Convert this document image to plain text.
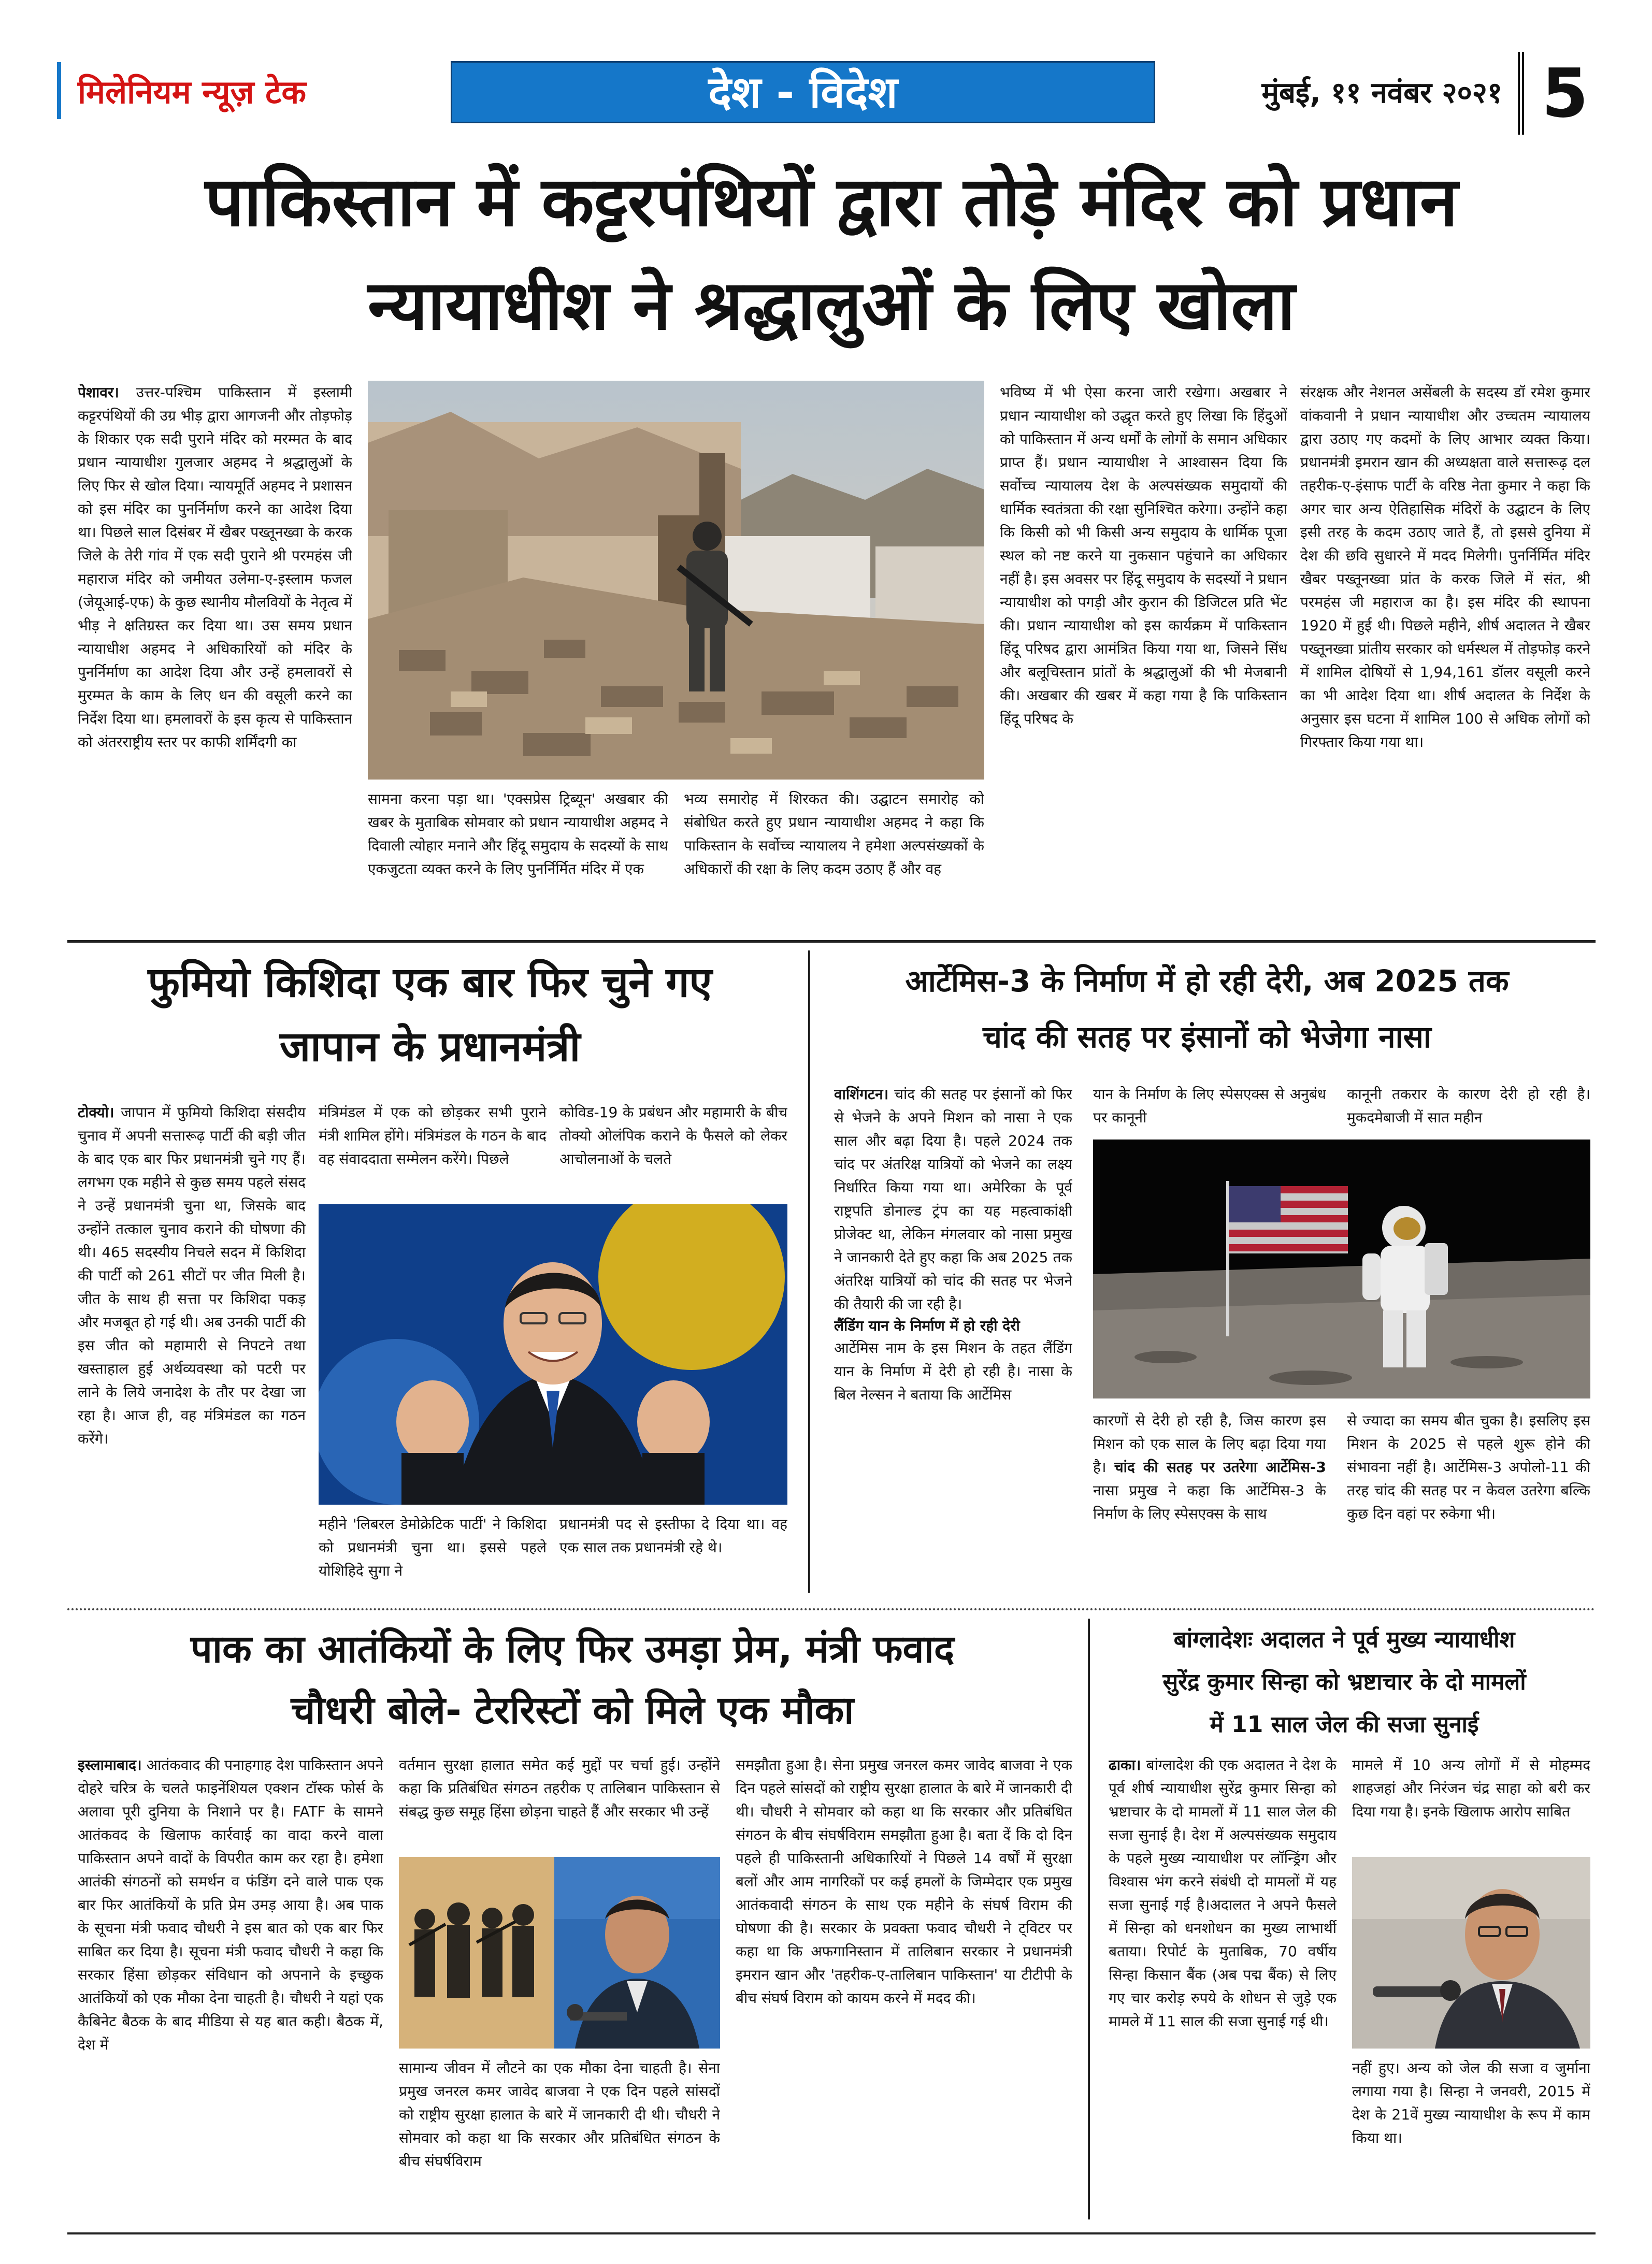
मिलेनियम न्यूज़ टेक	देश - विदेश	मुंबई, ११ नवंबर २०२१ 5
पाकिस्तान में कट्टरपंथियों द्वारा तोड़े मंदिर को प्रधान
न्यायाधीश ने श्रद्धालुओं के लिए खोला
पेशावर। उत्तर-पश्चिम पाकिस्तान में इस्लामी कट्टरपंथियों की उग्र भीड़ द्वारा आगजनी और तोड़फोड़ के शिकार एक सदी पुराने मंदिर को मरम्मत के बाद प्रधान न्यायाधीश गुलजार अहमद ने श्रद्धालुओं के लिए फिर से खोल दिया। न्यायमूर्ति अहमद ने प्रशासन को इस मंदिर का पुनर्निर्माण करने का आदेश दिया था। पिछले साल दिसंबर में खैबर पख्तूनख्वा के करक जिले के तेरी गांव में एक सदी पुराने श्री परमहंस जी महाराज मंदिर को जमीयत उलेमा-ए-इस्लाम फजल (जेयूआई-एफ) के कुछ स्थानीय मौलवियों के नेतृत्व में भीड़ ने क्षतिग्रस्त कर दिया था। उस समय प्रधान न्यायाधीश अहमद ने अधिकारियों को मंदिर के पुनर्निर्माण का आदेश दिया और उन्हें हमलावरों से मुरम्मत के काम के लिए धन की वसूली करने का निर्देश दिया था। हमलावरों के इस कृत्य से पाकिस्तान को अंतरराष्ट्रीय स्तर पर काफी शर्मिंदगी का
सामना करना पड़ा था। 'एक्सप्रेस ट्रिब्यून' अखबार की खबर के मुताबिक सोमवार को प्रधान न्यायाधीश अहमद ने दिवाली त्योहार मनाने और हिंदू समुदाय के सदस्यों के साथ एकजुटता व्यक्त करने के लिए पुनर्निर्मित मंदिर में एक
भव्य समारोह में शिरकत की। उद्घाटन समारोह को संबोधित करते हुए प्रधान न्यायाधीश अहमद ने कहा कि पाकिस्तान के सर्वोच्च न्यायालय ने हमेशा अल्पसंख्यकों के अधिकारों की रक्षा के लिए कदम उठाए हैं और वह
भविष्य में भी ऐसा करना जारी रखेगा। अखबार ने प्रधान न्यायाधीश को उद्धृत करते हुए लिखा कि हिंदुओं को पाकिस्तान में अन्य धर्मों के लोगों के समान अधिकार प्राप्त हैं। प्रधान न्यायाधीश ने आश्वासन दिया कि सर्वोच्च न्यायालय देश के अल्पसंख्यक समुदायों की धार्मिक स्वतंत्रता की रक्षा सुनिश्चित करेगा। उन्होंने कहा कि किसी को भी किसी अन्य समुदाय के धार्मिक पूजा स्थल को नष्ट करने या नुकसान पहुंचाने का अधिकार नहीं है। इस अवसर पर हिंदू समुदाय के सदस्यों ने प्रधान न्यायाधीश को पगड़ी और कुरान की डिजिटल प्रति भेंट की। प्रधान न्यायाधीश को इस कार्यक्रम में पाकिस्तान हिंदू परिषद द्वारा आमंत्रित किया गया था, जिसने सिंध और बलूचिस्तान प्रांतों के श्रद्धालुओं की भी मेजबानी की। अखबार की खबर में कहा गया है कि पाकिस्तान हिंदू परिषद के
संरक्षक और नेशनल असेंबली के सदस्य डॉ रमेश कुमार वांकवानी ने प्रधान न्यायाधीश और उच्चतम न्यायालय द्वारा उठाए गए कदमों के लिए आभार व्यक्त किया। प्रधानमंत्री इमरान खान की अध्यक्षता वाले सत्तारूढ़ दल तहरीक-ए-इंसाफ पार्टी के वरिष्ठ नेता कुमार ने कहा कि अगर चार अन्य ऐतिहासिक मंदिरों के उद्घाटन के लिए इसी तरह के कदम उठाए जाते हैं, तो इससे दुनिया में देश की छवि सुधारने में मदद मिलेगी। पुनर्निर्मित मंदिर खैबर पख्तूनख्वा प्रांत के करक जिले में संत, श्री परमहंस जी महाराज का है। इस मंदिर की स्थापना 1920 में हुई थी। पिछले महीने, शीर्ष अदालत ने खैबर पख्तूनख्वा प्रांतीय सरकार को धर्मस्थल में तोड़फोड़ करने में शामिल दोषियों से 1,94,161 डॉलर वसूली करने का भी आदेश दिया था। शीर्ष अदालत के निर्देश के अनुसार इस घटना में शामिल 100 से अधिक लोगों को गिरफ्तार किया गया था।
फुमियो किशिदा एक बार फिर चुने गए
जापान के प्रधानमंत्री
टोक्यो। जापान में फुमियो किशिदा संसदीय चुनाव में अपनी सत्तारूढ़ पार्टी की बड़ी जीत के बाद एक बार फिर प्रधानमंत्री चुने गए हैं। लगभग एक महीने से कुछ समय पहले संसद ने उन्हें प्रधानमंत्री चुना था, जिसके बाद उन्होंने तत्काल चुनाव कराने की घोषणा की थी। 465 सदस्यीय निचले सदन में किशिदा की पार्टी को 261 सीटों पर जीत मिली है। जीत के साथ ही सत्ता पर किशिदा पकड़ और मजबूत हो गई थी। अब उनकी पार्टी की इस जीत को महामारी से निपटने तथा खस्ताहाल हुई अर्थव्यवस्था को पटरी पर लाने के लिये जनादेश के तौर पर देखा जा रहा है। आज ही, वह मंत्रिमंडल का गठन करेंगे।
मंत्रिमंडल में एक को छोड़कर सभी पुराने मंत्री शामिल होंगे। मंत्रिमंडल के गठन के बाद वह संवाददाता सम्मेलन करेंगे। पिछले
कोविड-19 के प्रबंधन और महामारी के बीच तोक्यो ओलंपिक कराने के फैसले को लेकर आचोलनाओं के चलते
महीने 'लिबरल डेमोक्रेटिक पार्टी' ने किशिदा को प्रधानमंत्री चुना था। इससे पहले योशिहिदे सुगा ने
प्रधानमंत्री पद से इस्तीफा दे दिया था। वह एक साल तक प्रधानमंत्री रहे थे।
आर्टेमिस-3 के निर्माण में हो रही देरी, अब 2025 तक
चांद की सतह पर इंसानों को भेजेगा नासा
वाशिंगटन। चांद की सतह पर इंसानों को फिर से भेजने के अपने मिशन को नासा ने एक साल और बढ़ा दिया है। पहले 2024 तक चांद पर अंतरिक्ष यात्रियों को भेजने का लक्ष्य निर्धारित किया गया था। अमेरिका के पूर्व राष्ट्रपति डोनाल्ड ट्रंप का यह महत्वाकांक्षी प्रोजेक्ट था, लेकिन मंगलवार को नासा प्रमुख ने जानकारी देते हुए कहा कि अब 2025 तक अंतरिक्ष यात्रियों को चांद की सतह पर भेजने की तैयारी की जा रही है।

लैंडिंग यान के निर्माण में हो रही देरी

आर्टेमिस नाम के इस मिशन के तहत लैंडिंग यान के निर्माण में देरी हो रही है। नासा के बिल नेल्सन ने बताया कि आर्टेमिस
यान के निर्माण के लिए स्पेसएक्स से अनुबंध पर कानूनी
कानूनी तकरार के कारण देरी हो रही है। मुकदमेबाजी में सात महीन
कारणों से देरी हो रही है, जिस कारण इस मिशन को एक साल के लिए बढ़ा दिया गया है। चांद की सतह पर उतरेगा आर्टेमिस-3 नासा प्रमुख ने कहा कि आर्टेमिस-3 के निर्माण के लिए स्पेसएक्स के साथ
से ज्यादा का समय बीत चुका है। इसलिए इस मिशन के 2025 से पहले शुरू होने की संभावना नहीं है। आर्टेमिस-3 अपोलो-11 की तरह चांद की सतह पर न केवल उतरेगा बल्कि कुछ दिन वहां पर रुकेगा भी।
पाक का आतंकियों के लिए फिर उमड़ा प्रेम, मंत्री फवाद
चौधरी बोले- टेररिस्टों को मिले एक मौका
इस्लामाबाद। आतंकवाद की पनाहगाह देश पाकिस्तान अपने दोहरे चरित्र के चलते फाइनेंशियल एक्शन टॉस्क फोर्स के अलावा पूरी दुनिया के निशाने पर है। FATF के सामने आतंकवद के खिलाफ कार्रवाई का वादा करने वाला पाकिस्तान अपने वादों के विपरीत काम कर रहा है। हमेशा आतंकी संगठनों को समर्थन व फंडिंग दने वाले पाक एक बार फिर आतंकियों के प्रति प्रेम उमड़ आया है। अब पाक के सूचना मंत्री फवाद चौधरी ने इस बात को एक बार फिर साबित कर दिया है। सूचना मंत्री फवाद चौधरी ने कहा कि सरकार हिंसा छोड़कर संविधान को अपनाने के इच्छुक आतंकियों को एक मौका देना चाहती है। चौधरी ने यहां एक कैबिनेट बैठक के बाद मीडिया से यह बात कही। बैठक में, देश में
वर्तमान सुरक्षा हालात समेत कई मुद्दों पर चर्चा हुई। उन्होंने कहा कि प्रतिबंधित संगठन तहरीक ए तालिबान पाकिस्तान से संबद्ध कुछ समूह हिंसा छोड़ना चाहते हैं और सरकार भी उन्हें
सामान्य जीवन में लौटने का एक मौका देना चाहती है। सेना प्रमुख जनरल कमर जावेद बाजवा ने एक दिन पहले सांसदों को राष्ट्रीय सुरक्षा हालात के बारे में जानकारी दी थी। चौधरी ने सोमवार को कहा था कि सरकार और प्रतिबंधित संगठन के बीच संघर्षविराम
समझौता हुआ है। सेना प्रमुख जनरल कमर जावेद बाजवा ने एक दिन पहले सांसदों को राष्ट्रीय सुरक्षा हालात के बारे में जानकारी दी थी। चौधरी ने सोमवार को कहा था कि सरकार और प्रतिबंधित संगठन के बीच संघर्षविराम समझौता हुआ है। बता दें कि दो दिन पहले ही पाकिस्तानी अधिकारियों ने पिछले 14 वर्षों में सुरक्षा बलों और आम नागरिकों पर कई हमलों के जिम्मेदार एक प्रमुख आतंकवादी संगठन के साथ एक महीने के संघर्ष विराम की घोषणा की है। सरकार के प्रवक्ता फवाद चौधरी ने ट्विटर पर कहा था कि अफगानिस्तान में तालिबान सरकार ने प्रधानमंत्री इमरान खान और 'तहरीक-ए-तालिबान पाकिस्तान' या टीटीपी के बीच संघर्ष विराम को कायम करने में मदद की।
बांग्लादेशः अदालत ने पूर्व मुख्य न्यायाधीश
सुरेंद्र कुमार सिन्हा को भ्रष्टाचार के दो मामलों
में 11 साल जेल की सजा सुनाई
ढाका। बांग्लादेश की एक अदालत ने देश के पूर्व शीर्ष न्यायाधीश सुरेंद्र कुमार सिन्हा को भ्रष्टाचार के दो मामलों में 11 साल जेल की सजा सुनाई है। देश में अल्पसंख्यक समुदाय के पहले मुख्य न्यायाधीश पर लॉन्ड्रिंग और विश्वास भंग करने संबंधी दो मामलों में यह सजा सुनाई गई है।अदालत ने अपने फैसले में सिन्हा को धनशोधन का मुख्य लाभार्थी बताया। रिपोर्ट के मुताबिक, 70 वर्षीय सिन्हा किसान बैंक (अब पद्म बैंक) से लिए गए चार करोड़ रुपये के शोधन से जुड़े एक मामले में 11 साल की सजा सुनाई गई थी।
मामले में 10 अन्य लोगों में से मोहम्मद शाहजहां और निरंजन चंद्र साहा को बरी कर दिया गया है। इनके खिलाफ आरोप साबित
नहीं हुए। अन्य को जेल की सजा व जुर्माना लगाया गया है। सिन्हा ने जनवरी, 2015 में देश के 21वें मुख्य न्यायाधीश के रूप में काम किया था।
